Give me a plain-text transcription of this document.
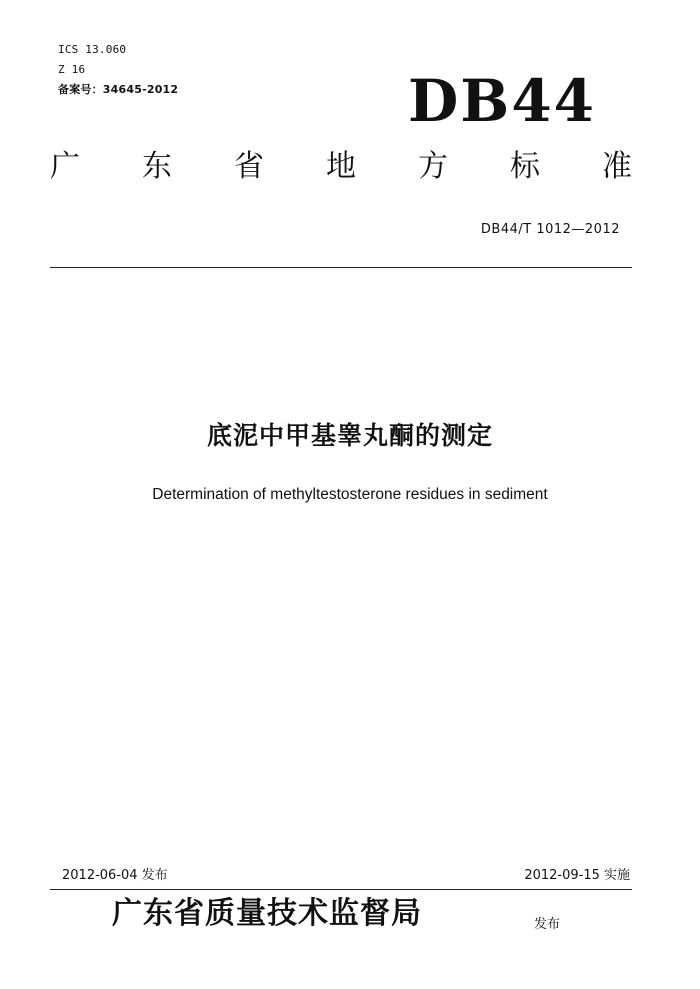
ICS 13.060
Z 16
备案号：34645-2012	DB44
广 东 省 地 方 标 准
DB44/T 1012—2012
底泥中甲基睾丸酮的测定
Determination of methyltestosterone residues in sediment
2012-06-04 发布	2012-09-15 实施
广东省质量技术监督局	发布
